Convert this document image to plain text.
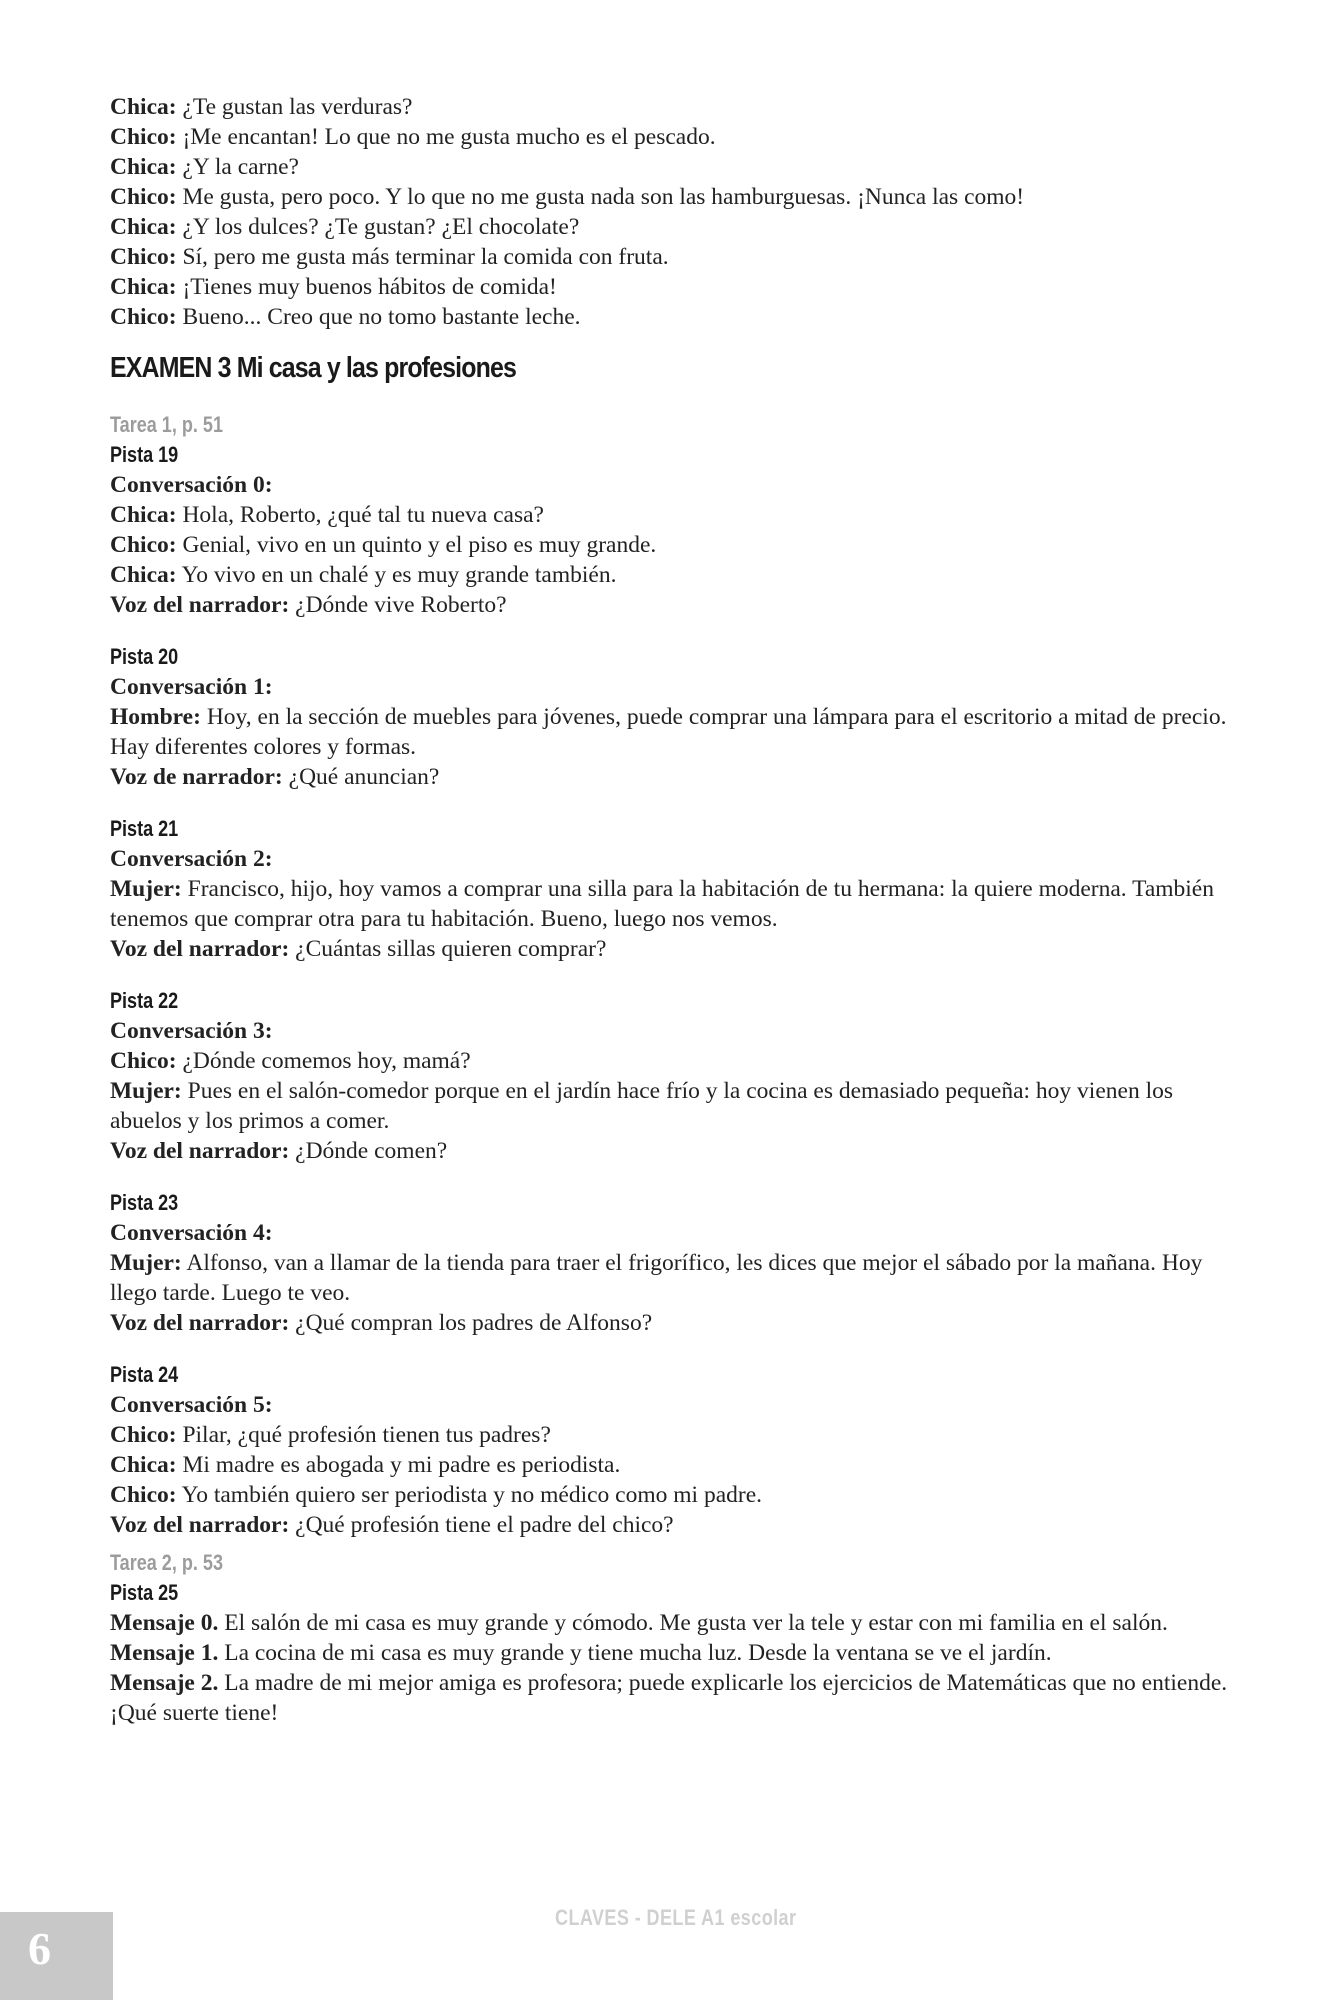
Chica: ¿Te gustan las verduras?
Chico: ¡Me encantan! Lo que no me gusta mucho es el pescado.
Chica: ¿Y la carne?
Chico: Me gusta, pero poco. Y lo que no me gusta nada son las hamburguesas. ¡Nunca las como!
Chica: ¿Y los dulces? ¿Te gustan? ¿El chocolate?
Chico: Sí, pero me gusta más terminar la comida con fruta.
Chica: ¡Tienes muy buenos hábitos de comida!
Chico: Bueno... Creo que no tomo bastante leche.
EXAMEN 3 Mi casa y las profesiones
Tarea 1, p. 51
Pista 19
Conversación 0:
Chica: Hola, Roberto, ¿qué tal tu nueva casa?
Chico: Genial, vivo en un quinto y el piso es muy grande.
Chica: Yo vivo en un chalé y es muy grande también.
Voz del narrador: ¿Dónde vive Roberto?
Pista 20
Conversación 1:
Hombre: Hoy, en la sección de muebles para jóvenes, puede comprar una lámpara para el escritorio a mitad de precio. Hay diferentes colores y formas.
Voz de narrador: ¿Qué anuncian?
Pista 21
Conversación 2:
Mujer: Francisco, hijo, hoy vamos a comprar una silla para la habitación de tu hermana: la quiere moderna. También tenemos que comprar otra para tu habitación. Bueno, luego nos vemos.
Voz del narrador: ¿Cuántas sillas quieren comprar?
Pista 22
Conversación 3:
Chico: ¿Dónde comemos hoy, mamá?
Mujer: Pues en el salón-comedor porque en el jardín hace frío y la cocina es demasiado pequeña: hoy vienen los abuelos y los primos a comer.
Voz del narrador: ¿Dónde comen?
Pista 23
Conversación 4:
Mujer: Alfonso, van a llamar de la tienda para traer el frigorífico, les dices que mejor el sábado por la mañana. Hoy llego tarde. Luego te veo.
Voz del narrador: ¿Qué compran los padres de Alfonso?
Pista 24
Conversación 5:
Chico: Pilar, ¿qué profesión tienen tus padres?
Chica: Mi madre es abogada y mi padre es periodista.
Chico: Yo también quiero ser periodista y no médico como mi padre.
Voz del narrador: ¿Qué profesión tiene el padre del chico?
Tarea 2, p. 53
Pista 25
Mensaje 0. El salón de mi casa es muy grande y cómodo. Me gusta ver la tele y estar con mi familia en el salón.
Mensaje 1. La cocina de mi casa es muy grande y tiene mucha luz. Desde la ventana se ve el jardín.
Mensaje 2. La madre de mi mejor amiga es profesora; puede explicarle los ejercicios de Matemáticas que no entiende. ¡Qué suerte tiene!
6
CLAVES - DELE A1 escolar
